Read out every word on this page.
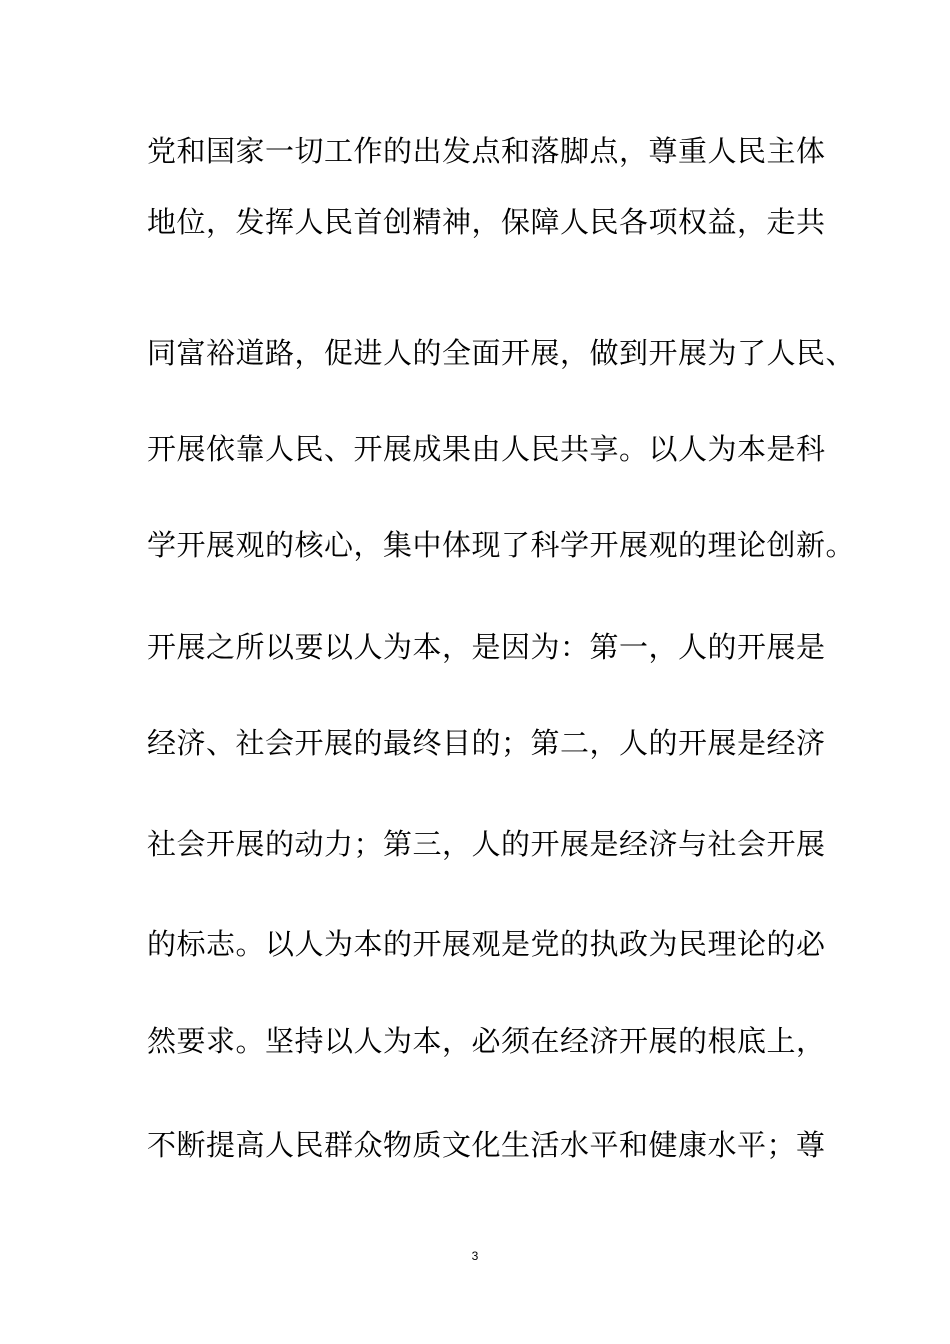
党和国家一切工作的出发点和落脚点，尊重人民主体
地位，发挥人民首创精神，保障人民各项权益，走共
同富裕道路，促进人的全面开展，做到开展为了人民、
开展依靠人民、开展成果由人民共享。以人为本是科
学开展观的核心，集中体现了科学开展观的理论创新。
开展之所以要以人为本，是因为：第一，人的开展是
经济、社会开展的最终目的；第二，人的开展是经济
社会开展的动力；第三，人的开展是经济与社会开展
的标志。以人为本的开展观是党的执政为民理论的必
然要求。坚持以人为本，必须在经济开展的根底上，
不断提高人民群众物质文化生活水平和健康水平；尊
3
